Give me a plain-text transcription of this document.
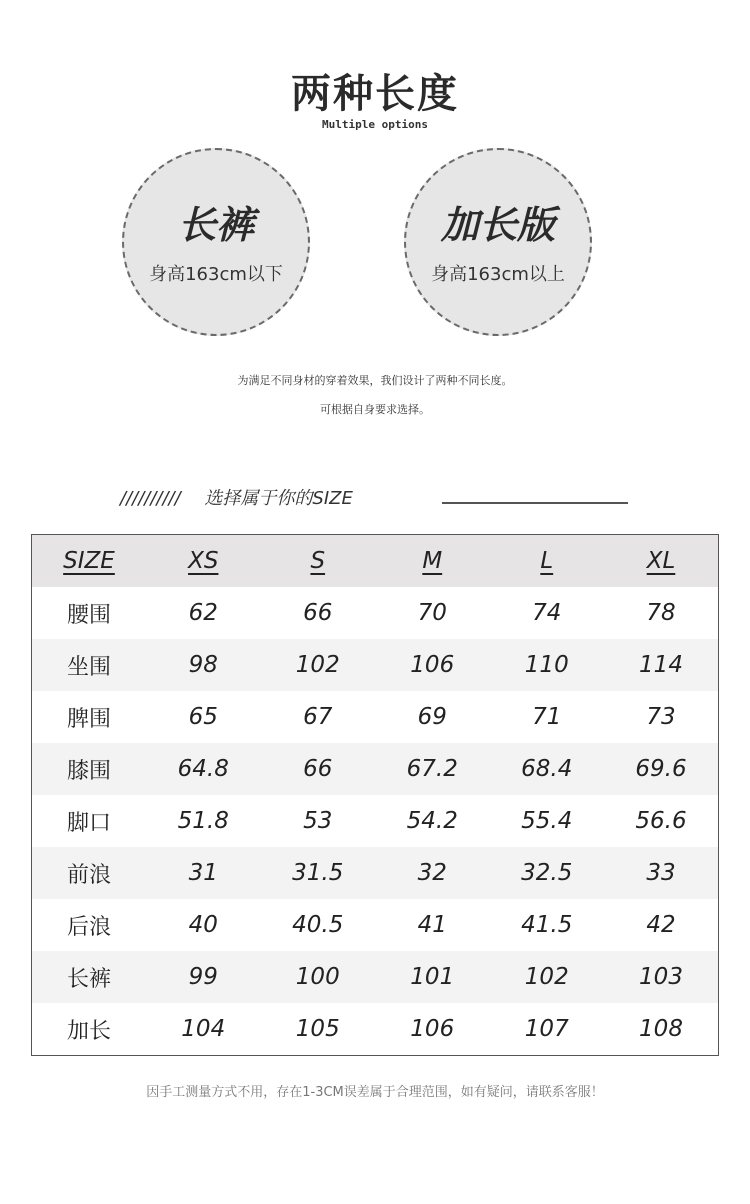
两种长度
Multiple options
长裤
身高163cm以下
加长版
身高163cm以上
为满足不同身材的穿着效果，我们设计了两种不同长度。
可根据自身要求选择。
////////// 选择属于你的SIZE
SIZE	XS	S	M	L	XL
腰围	62	66	70	74	78
坐围	98	102	106	110	114
脾围	65	67	69	71	73
膝围	64.8	66	67.2	68.4	69.6
脚口	51.8	53	54.2	55.4	56.6
前浪	31	31.5	32	32.5	33
后浪	40	40.5	41	41.5	42
长裤	99	100	101	102	103
加长	104	105	106	107	108
因手工测量方式不用，存在1-3CM误差属于合理范围，如有疑问，请联系客服！
